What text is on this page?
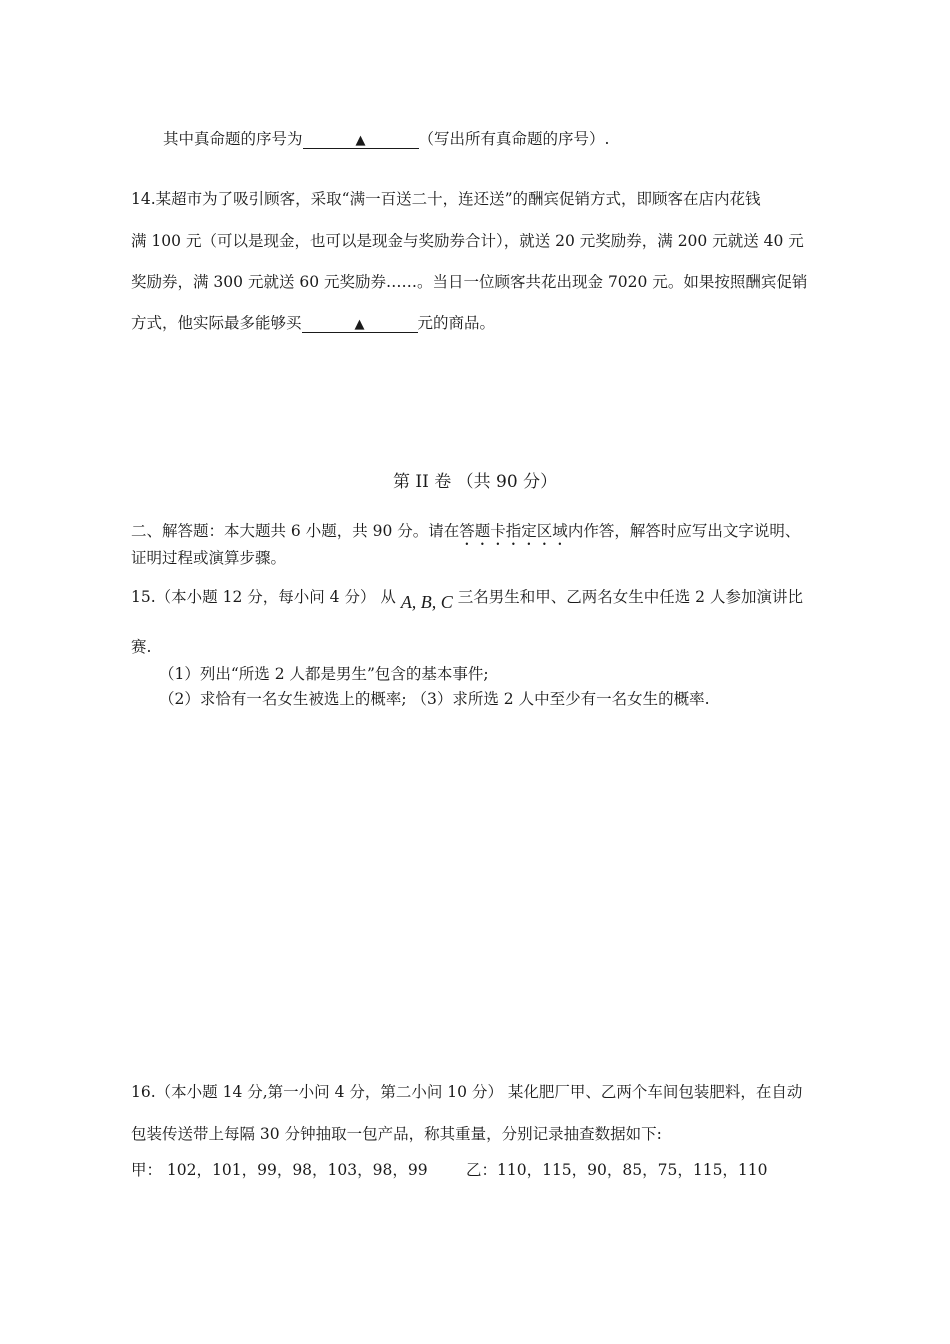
其中真命题的序号为	▲	（写出所有真命题的序号）.
14.某超市为了吸引顾客，采取“满一百送二十，连还送”的酬宾促销方式，即顾客在店内花钱
满 100 元（可以是现金，也可以是现金与奖励券合计），就送 20 元奖励券，满 200 元就送 40 元
奖励券，满 300 元就送 60 元奖励券……。当日一位顾客共花出现金 7020 元。如果按照酬宾促销
方式，他实际最多能够买	▲	元的商品。
第 II 卷 （共 90 分）
二、解答题：本大题共 6 小题，共 90 分。请在答题卡指定区域内作答，解答时应写出文字说明、
证明过程或演算步骤。
15.（本小题 12 分，每小问 4 分） 从 A, B, C 三名男生和甲、乙两名女生中任选 2 人参加演讲比
赛.
（1）列出“所选 2 人都是男生”包含的基本事件;
（2）求恰有一名女生被选上的概率; （3）求所选 2 人中至少有一名女生的概率.
16.（本小题 14 分,第一小问 4 分，第二小问 10 分） 某化肥厂甲、乙两个车间包装肥料，在自动
包装传送带上每隔 30 分钟抽取一包产品，称其重量，分别记录抽查数据如下:
甲： 102，101，99，98，103，98，99 乙：110，115，90，85，75，115，110
